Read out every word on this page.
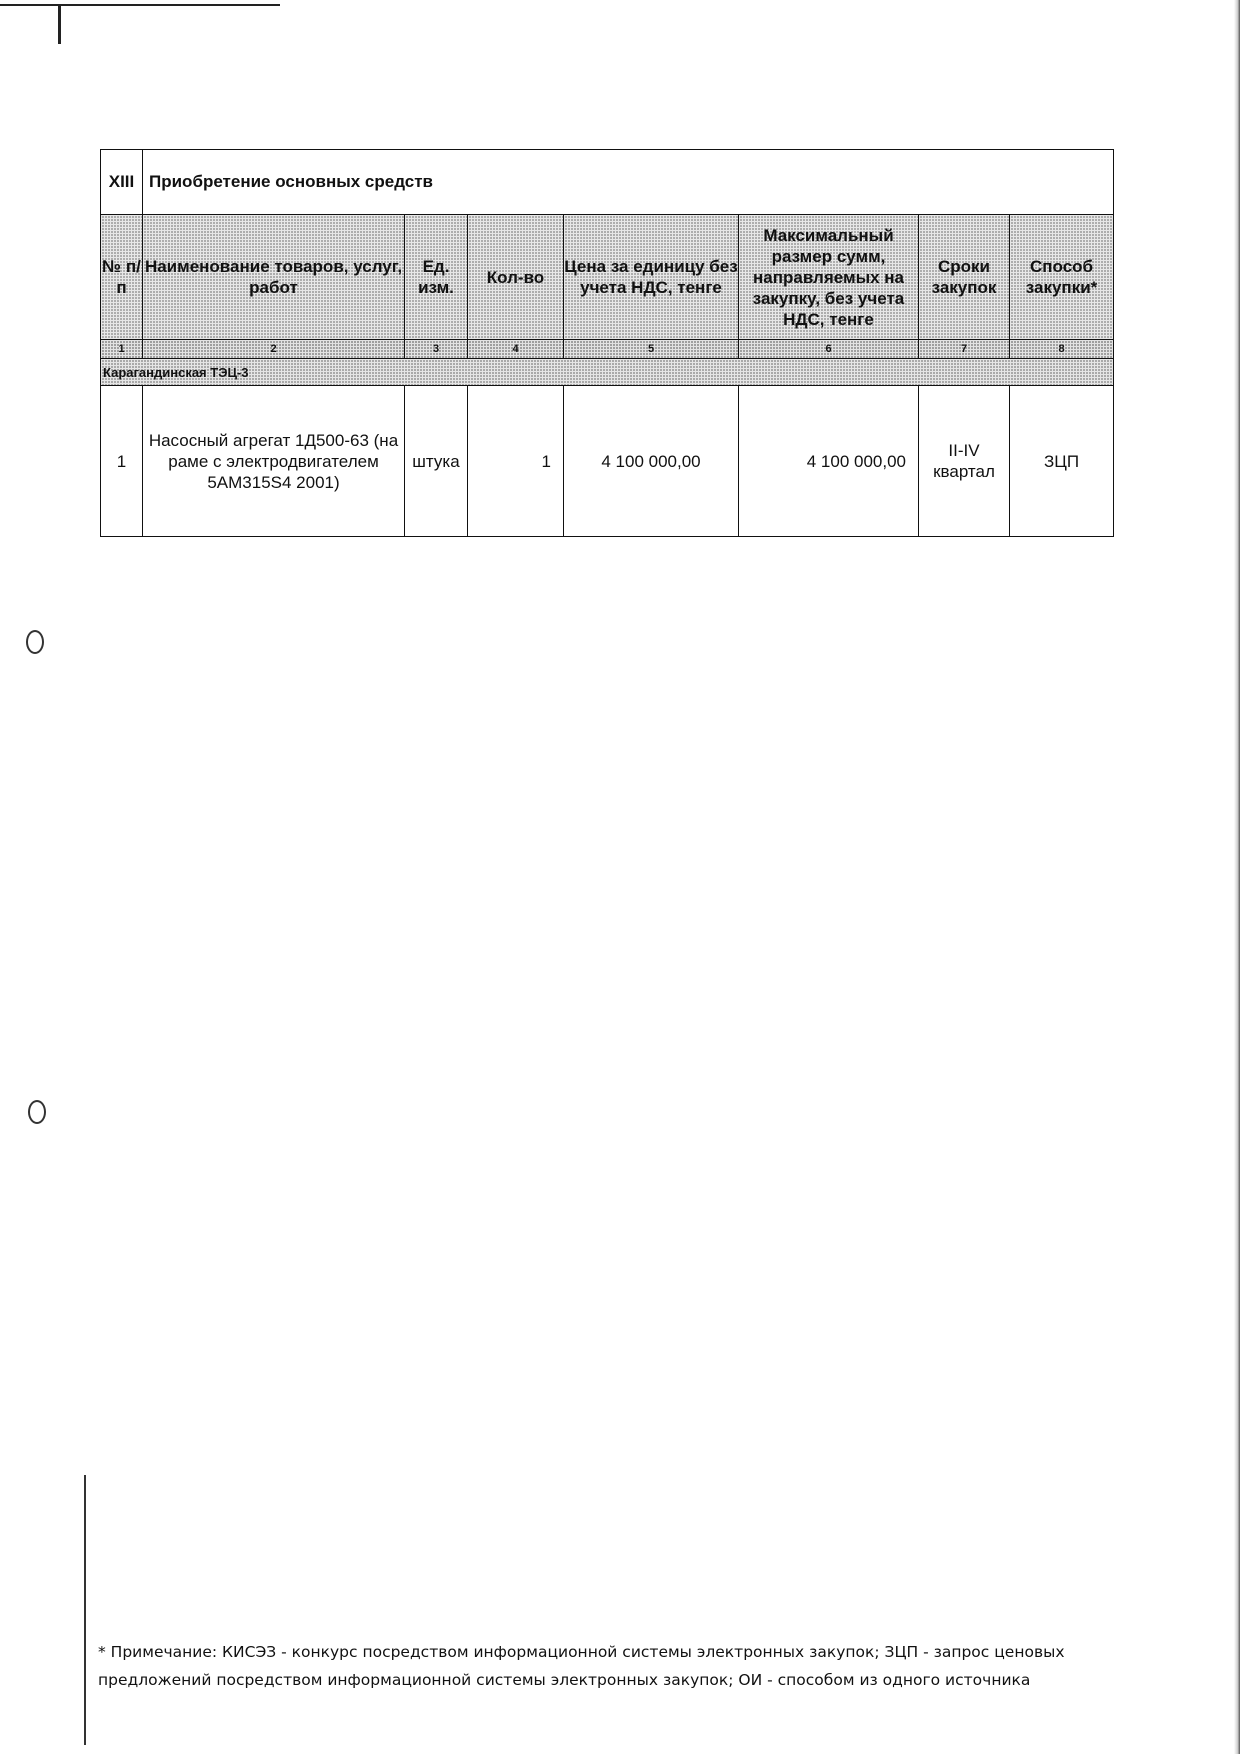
XIII	Приобретение основных средств						
№ п/п	Наименование товаров, услуг, работ	Ед. изм.	Кол-во	Цена за единицу без учета НДС, тенге	Максимальный размер сумм, направляемых на закупку, без учета НДС, тенге	Сроки закупок	Способ закупки*
1	2	3	4	5	6	7	8
Карагандинская ТЭЦ-3							
1	Насосный агрегат 1Д500-63 (на раме с электродвигателем 5АМ315S4 2001)	штука	1	4 100 000,00	4 100 000,00	II-IV квартал	ЗЦП
* Примечание: КИСЭЗ - конкурс посредством информационной системы электронных закупок; ЗЦП - запрос ценовых предложений посредством информационной системы электронных закупок; ОИ - способом из одного источника
